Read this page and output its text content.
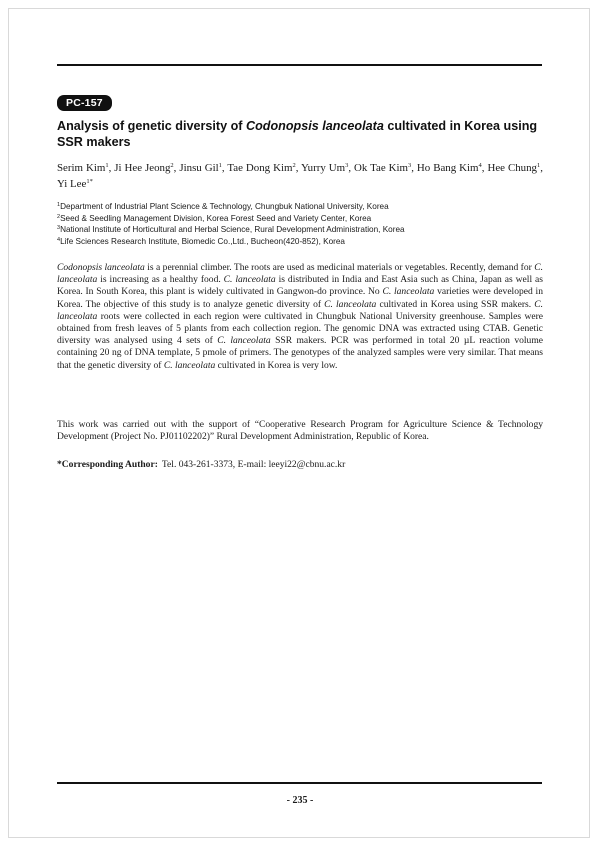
PC-157
Analysis of genetic diversity of Codonopsis lanceolata cultivated in Korea using SSR makers
Serim Kim$^1$, Ji Hee Jeong$^2$, Jinsu Gil$^1$, Tae Dong Kim$^2$, Yurry Um$^3$, Ok Tae Kim$^3$, Ho Bang Kim$^4$, Hee Chung$^1$, Yi Lee$^{1*}$
$^1$Department of Industrial Plant Science & Technology, Chungbuk National University, Korea
$^2$Seed & Seedling Management Division, Korea Forest Seed and Variety Center, Korea
$^3$National Institute of Horticultural and Herbal Science, Rural Development Administration, Korea
$^4$Life Sciences Research Institute, Biomedic Co.,Ltd., Bucheon(420-852), Korea

Codonopsis lanceolata is a perennial climber. The roots are used as medicinal materials or vegetables. Recently, demand for C. lanceolata is increasing as a healthy food. C. lanceolata is distributed in India and East Asia such as China, Japan as well as Korea. In South Korea, this plant is widely cultivated in Gangwon-do province. No C. lanceolata varieties were developed in Korea. The objective of this study is to analyze genetic diversity of C. lanceolata cultivated in Korea using SSR makers. C. lanceolata roots were collected in each region were cultivated in Chungbuk National University greenhouse. Samples were obtained from fresh leaves of 5 plants from each collection region. The genomic DNA was extracted using CTAB. Genetic diversity was analysed using 4 sets of C. lanceolata SSR makers. PCR was performed in total 20 µL reaction volume containing 20 ng of DNA template, 5 pmole of primers. The genotypes of the analyzed samples were very similar. That means that the genetic diversity of C. lanceolata cultivated in Korea is very low.

This work was carried out with the support of “Cooperative Research Program for Agriculture Science & Technology Development (Project No. PJ01102202)” Rural Development Administration, Republic of Korea.

*Corresponding Author: Tel. 043-261-3373, E-mail: leeyi22@cbnu.ac.kr
- 235 -
